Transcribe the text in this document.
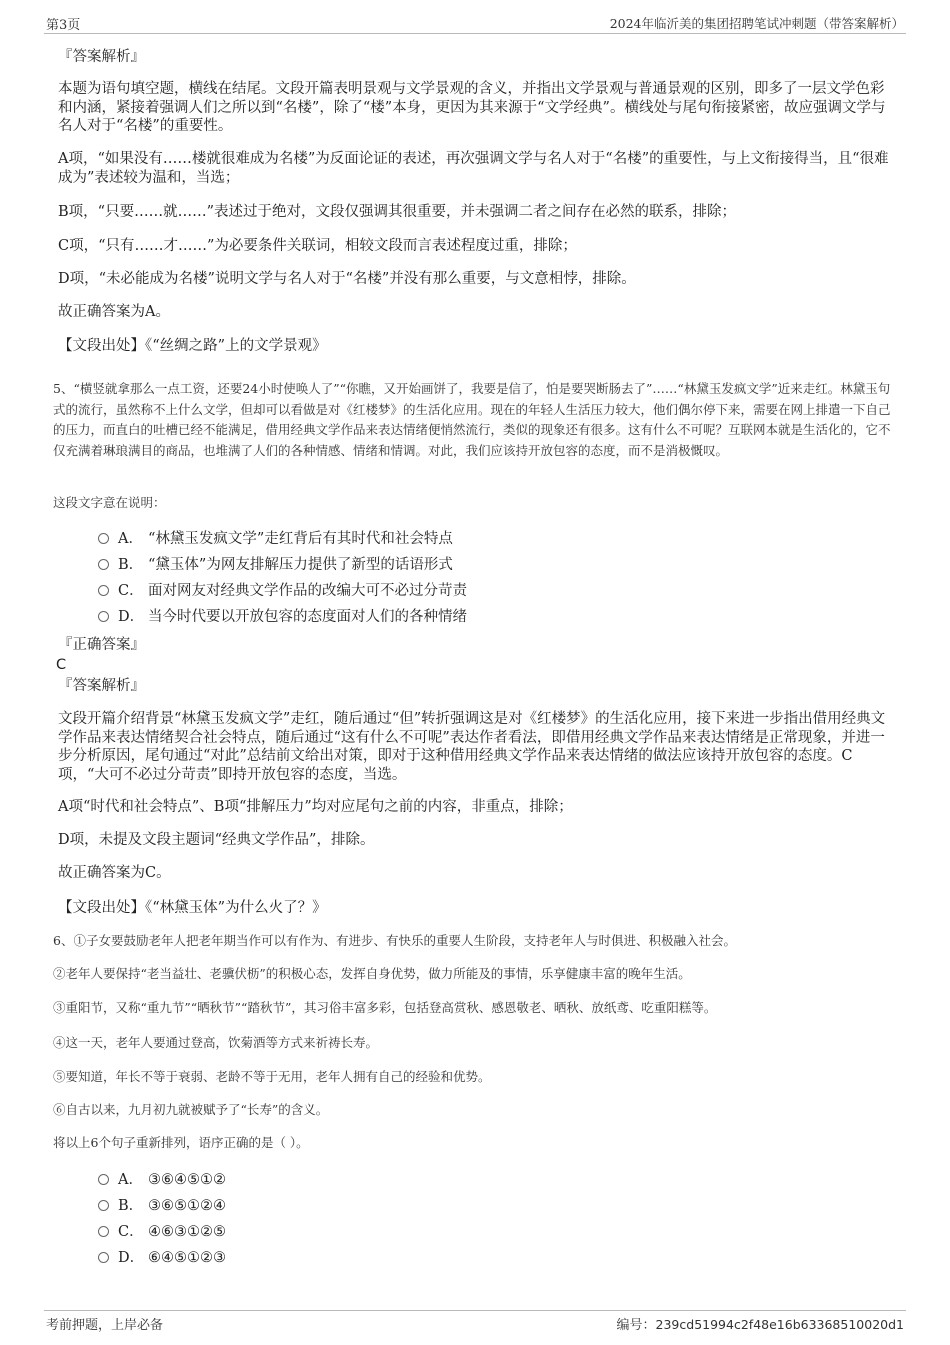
第3页	2024年临沂美的集团招聘笔试冲刺题（带答案解析）
『答案解析』
本题为语句填空题，横线在结尾。文段开篇表明景观与文学景观的含义，并指出文学景观与普通景观的区别，即多了一层文学色彩和内涵，紧接着强调人们之所以到“名楼”，除了“楼”本身，更因为其来源于“文学经典”。横线处与尾句衔接紧密，故应强调文学与名人对于“名楼”的重要性。
A项，“如果没有……楼就很难成为名楼”为反面论证的表述，再次强调文学与名人对于“名楼”的重要性，与上文衔接得当，且“很难成为”表述较为温和，当选；
B项，“只要……就……”表述过于绝对，文段仅强调其很重要，并未强调二者之间存在必然的联系，排除；
C项，“只有……才……”为必要条件关联词，相较文段而言表述程度过重，排除；
D项，“未必能成为名楼”说明文学与名人对于“名楼”并没有那么重要，与文意相悖，排除。
故正确答案为A。
【文段出处】《“丝绸之路”上的文学景观》
5、“横竖就拿那么一点工资，还要24小时使唤人了”“你瞧，又开始画饼了，我要是信了，怕是要哭断肠去了”……“林黛玉发疯文学”近来走红。林黛玉句式的流行，虽然称不上什么文学，但却可以看做是对《红楼梦》的生活化应用。现在的年轻人生活压力较大，他们偶尔停下来，需要在网上排遣一下自己的压力，而直白的吐槽已经不能满足，借用经典文学作品来表达情绪便悄然流行，类似的现象还有很多。这有什么不可呢？互联网本就是生活化的，它不仅充满着琳琅满目的商品，也堆满了人们的各种情感、情绪和情调。对此，我们应该持开放包容的态度，而不是消极慨叹。
这段文字意在说明：
A． “林黛玉发疯文学”走红背后有其时代和社会特点
B． “黛玉体”为网友排解压力提供了新型的话语形式
C． 面对网友对经典文学作品的改编大可不必过分苛责
D． 当今时代要以开放包容的态度面对人们的各种情绪
『正确答案』
C
『答案解析』
文段开篇介绍背景“林黛玉发疯文学”走红，随后通过“但”转折强调这是对《红楼梦》的生活化应用，接下来进一步指出借用经典文学作品来表达情绪契合社会特点，随后通过“这有什么不可呢”表达作者看法，即借用经典文学作品来表达情绪是正常现象，并进一步分析原因，尾句通过“对此”总结前文给出对策，即对于这种借用经典文学作品来表达情绪的做法应该持开放包容的态度。C项，“大可不必过分苛责”即持开放包容的态度，当选。
A项“时代和社会特点”、B项“排解压力”均对应尾句之前的内容，非重点，排除；
D项，未提及文段主题词“经典文学作品”，排除。
故正确答案为C。
【文段出处】《“林黛玉体”为什么火了？》
6、①子女要鼓励老年人把老年期当作可以有作为、有进步、有快乐的重要人生阶段，支持老年人与时俱进、积极融入社会。
②老年人要保持“老当益壮、老骥伏枥”的积极心态，发挥自身优势，做力所能及的事情，乐享健康丰富的晚年生活。
③重阳节，又称“重九节”“晒秋节”“踏秋节”，其习俗丰富多彩，包括登高赏秋、感恩敬老、晒秋、放纸鸢、吃重阳糕等。
④这一天，老年人要通过登高，饮菊酒等方式来祈祷长寿。
⑤要知道，年长不等于衰弱、老龄不等于无用，老年人拥有自己的经验和优势。
⑥自古以来，九月初九就被赋予了“长寿”的含义。
将以上6个句子重新排列，语序正确的是（ ）。
A． ③⑥④⑤①②
B． ③⑥⑤①②④
C． ④⑥③①②⑤
D． ⑥④⑤①②③
考前押题，上岸必备	编号：239cd51994c2f48e16b63368510020d1
